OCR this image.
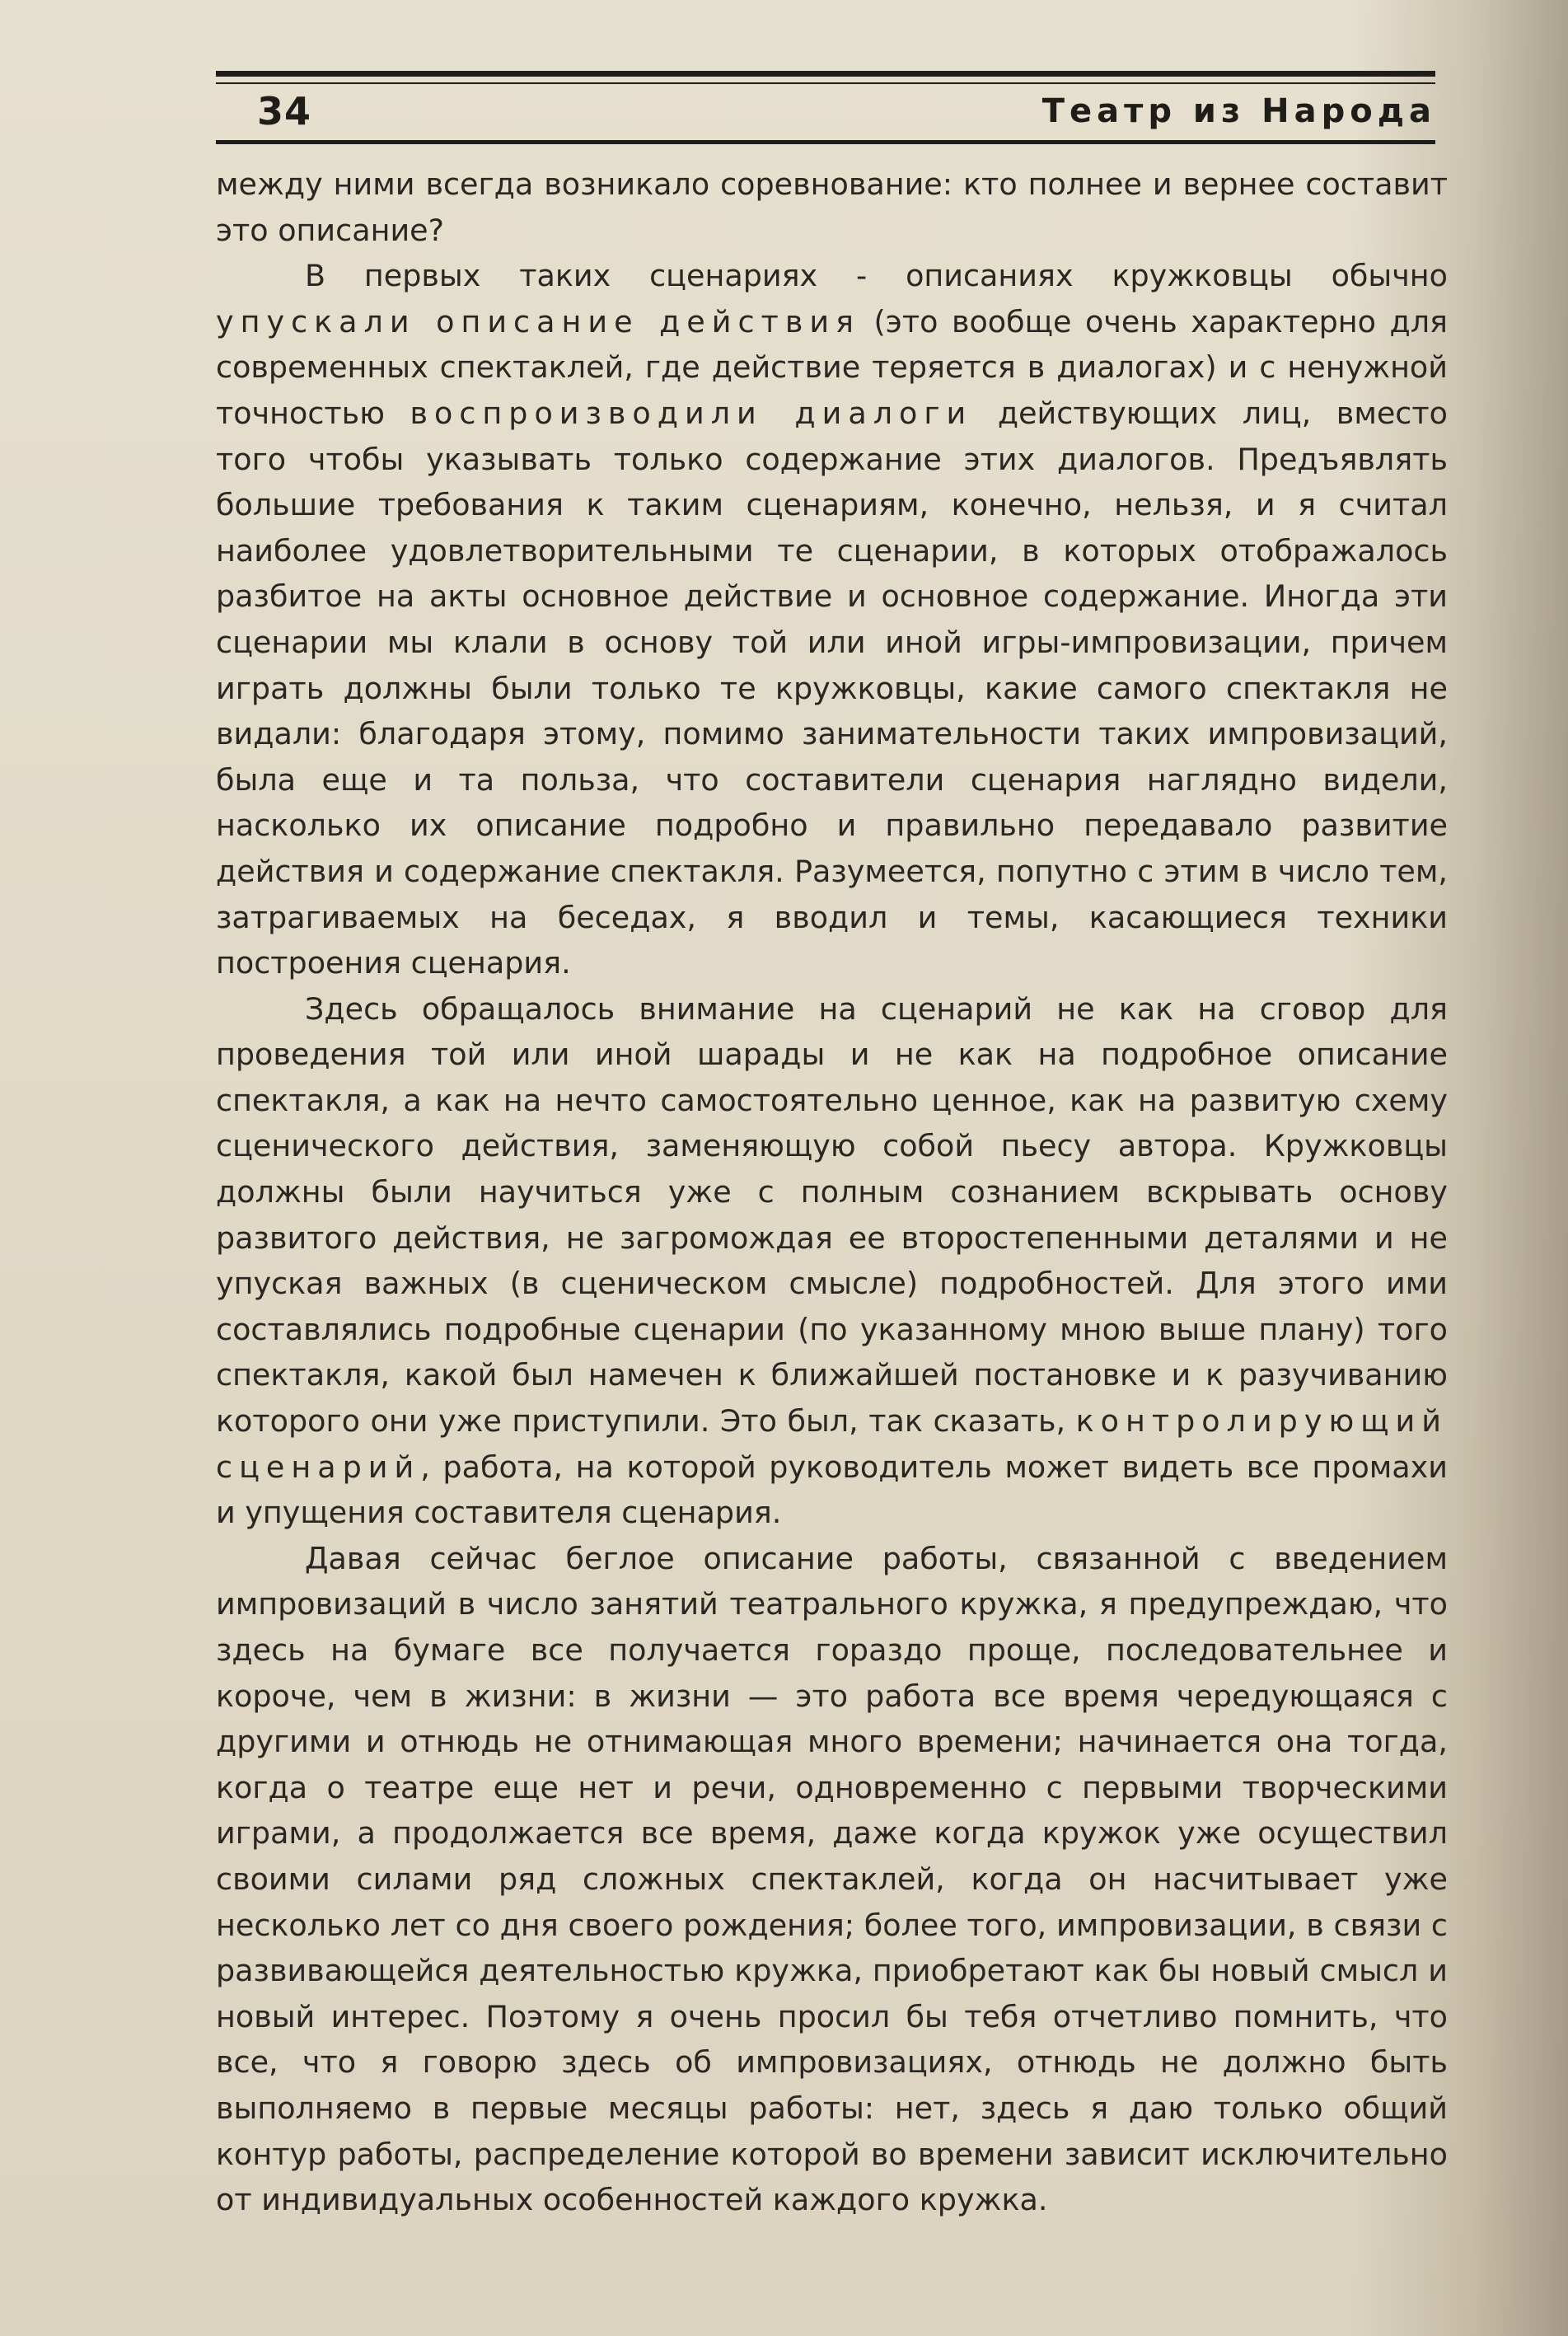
34	Театр из Народа

между ними всегда возникало соревнование: кто полнее и вернее составит это описание?

В первых таких сценариях - описаниях кружковцы обычно упускали описание действия (это вообще очень характерно для современных спектаклей, где действие теряется в диалогах) и с ненужной точностью воспроизводили диалоги действующих лиц, вместо того чтобы указывать только содержание этих диалогов. Предъявлять большие требования к таким сценариям, конечно, нельзя, и я считал наиболее удовлетворительными те сценарии, в которых отображалось разбитое на акты основное действие и основное содержание. Иногда эти сценарии мы клали в основу той или иной игры-импровизации, причем играть должны были только те кружковцы, какие самого спектакля не видали: благодаря этому, помимо занимательности таких импровизаций, была еще и та польза, что составители сценария наглядно видели, насколько их описание подробно и правильно передавало развитие действия и содержание спектакля. Разумеется, попутно с этим в число тем, затрагиваемых на беседах, я вводил и темы, касающиеся техники построения сценария.

Здесь обращалось внимание на сценарий не как на сговор для проведения той или иной шарады и не как на подробное описание спектакля, а как на нечто самостоятельно ценное, как на развитую схему сценического действия, заменяющую собой пьесу автора. Кружковцы должны были научиться уже с полным сознанием вскрывать основу развитого действия, не загромождая ее второстепенными деталями и не упуская важных (в сценическом смысле) подробностей. Для этого ими составлялись подробные сценарии (по указанному мною выше плану) того спектакля, какой был намечен к ближайшей постановке и к разучиванию которого они уже приступили. Это был, так сказать, контролирующий сценарий, работа, на которой руководитель может видеть все промахи и упущения составителя сценария.

Давая сейчас беглое описание работы, связанной с введением импровизаций в число занятий театрального кружка, я предупреждаю, что здесь на бумаге все получается гораздо проще, последовательнее и короче, чем в жизни: в жизни — это работа все время чередующаяся с другими и отнюдь не отнимающая много времени; начинается она тогда, когда о театре еще нет и речи, одновременно с первыми творческими играми, а продолжается все время, даже когда кружок уже осуществил своими силами ряд сложных спектаклей, когда он насчитывает уже несколько лет со дня своего рождения; более того, импровизации, в связи с развивающейся деятельностью кружка, приобретают как бы новый смысл и новый интерес. Поэтому я очень просил бы тебя отчетливо помнить, что все, что я говорю здесь об импровизациях, отнюдь не должно быть выполняемо в первые месяцы работы: нет, здесь я даю только общий контур работы, распределение которой во времени зависит исключительно от индивидуальных особенностей каждого кружка.
